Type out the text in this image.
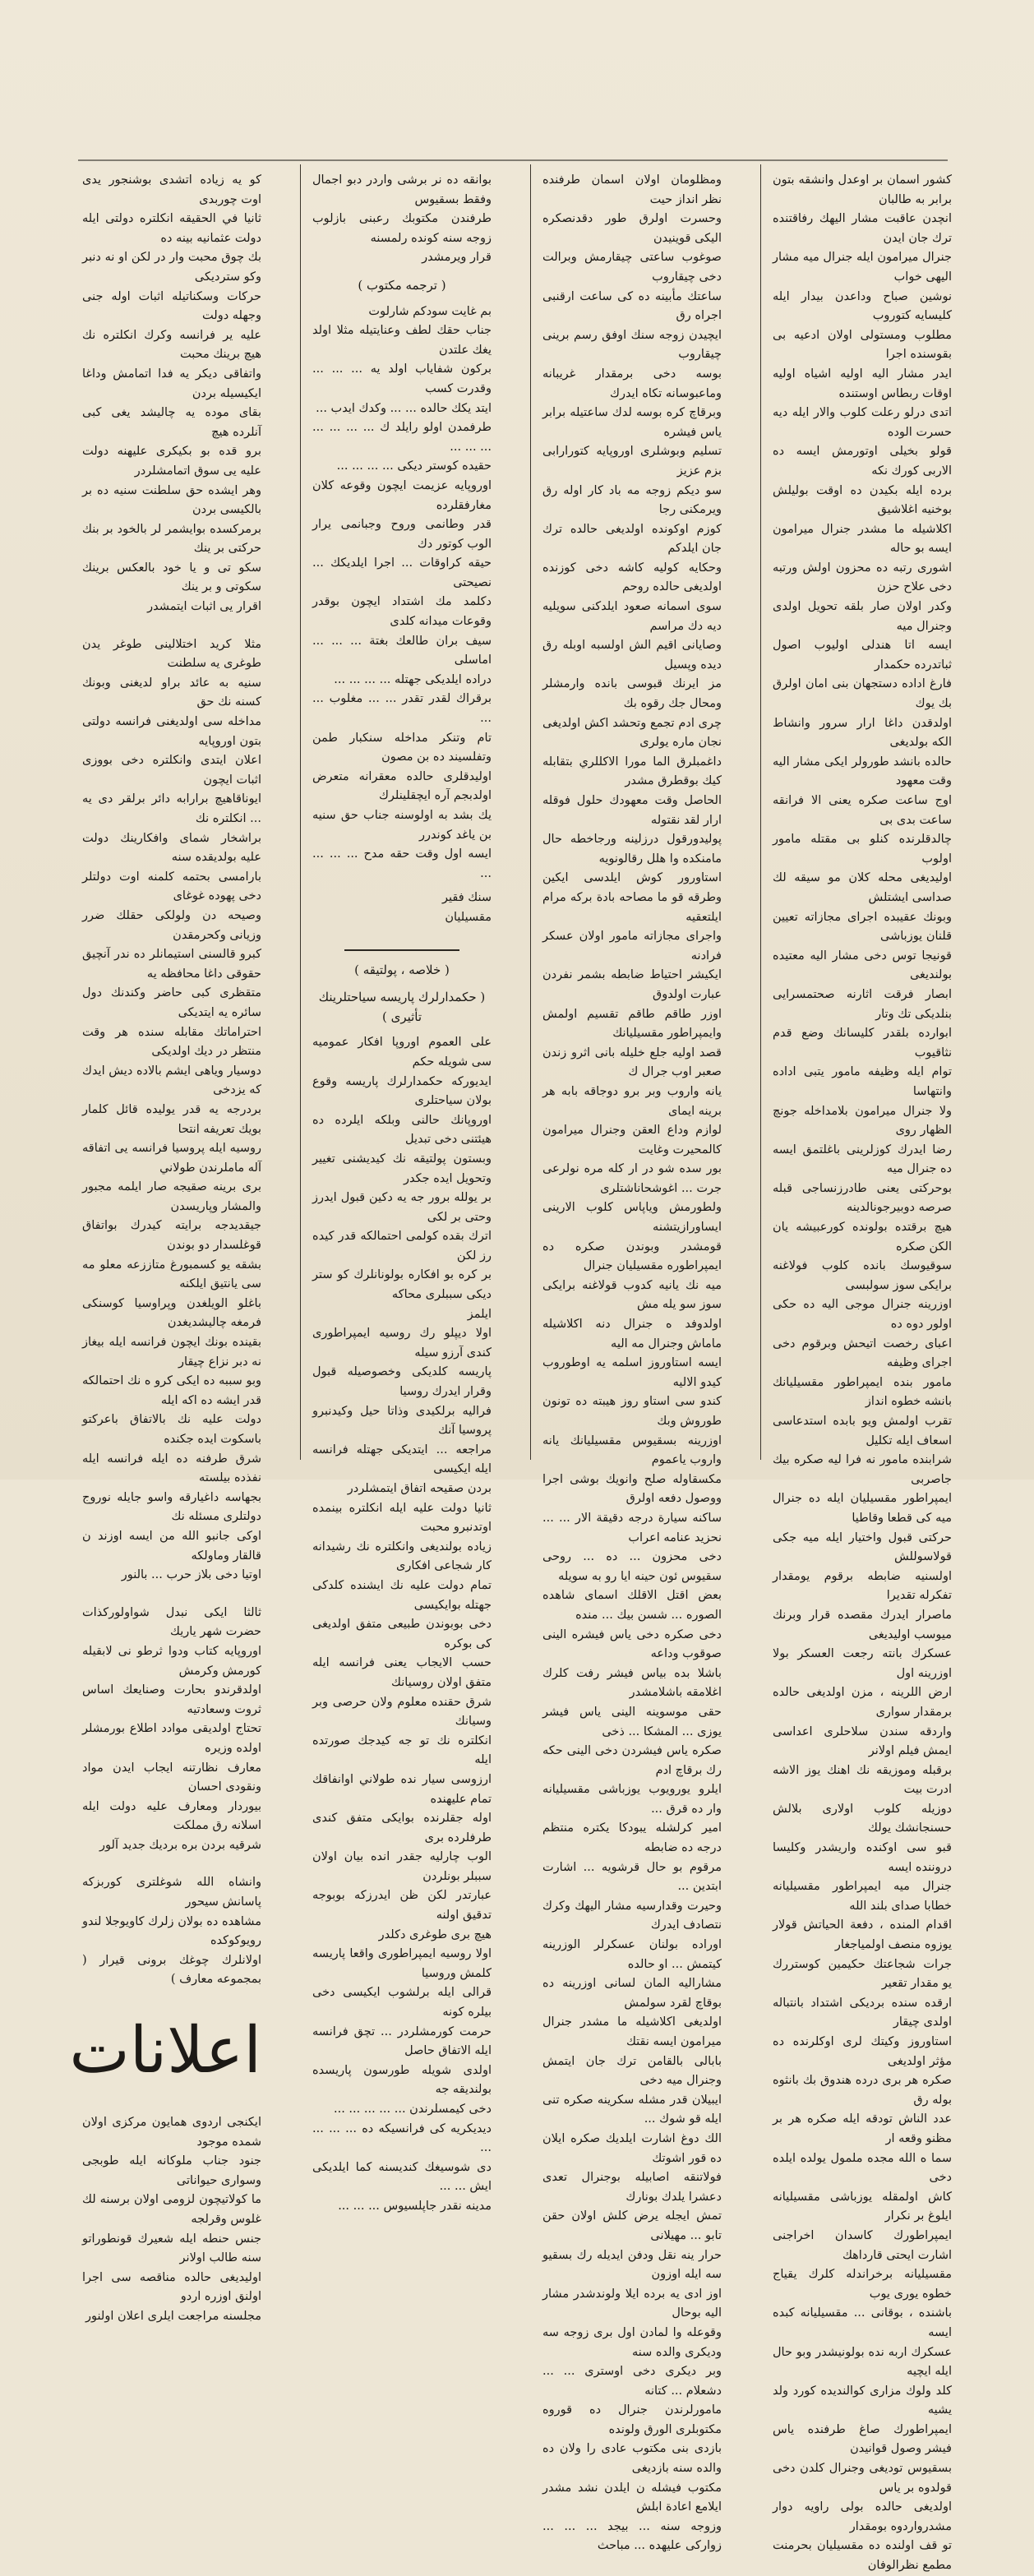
كشور اسمان بر اوعدل وانشقه بتون برابر به طالبان

انچدن عاقبت مشار اليهك رفاقتنده ترك جان ايدن

جنرال ميرامون ايله جنرال ميه مشار اليهى خواب

نوشين صباح وداعدن بيدار ايله كليسايه كتوروب

مطلوب ومستولى اولان ادعيه بى بقوسنده اجرا

ايدر مشار اليه اوليه اشياه اوليه اوقات ربطاس اوستنده

اتدى درلو رعلت كلوب والار ايله ديه حسرت الوده

قولو بخيلى اوتورمش ايسه ده الاربى كورك نكه

برده ايله بكيدن ده اوقت بوليلش بوخنيه اغلاشيق

اكلاشيله ما مشدر جنرال ميرامون ايسه بو حاله

اشورى رتبه ده محزون اولش ورتبه دخى علاح حزن

وكدر اولان صار بلقه تحويل اولدى وجنرال ميه

ايسه اتا هندلى اوليوب اصول ثباتدرده حكمدار

فارغ اداده دستجهان بنى امان اولرق بك يوك

اولدقدن داغا ارار سرور وانشاط الكه بولديغى

حالده بانشد طورولر ايكى مشار اليه وقت معهود

اوج ساعت صكره يعنى الا فرانقه ساعت بدى بى

چالدقلرنده كنلو بى مقتله مامور اولوب

اوليديغى محله كلان مو سيقه لك صداسى ايشتلش

وبونك عقيبده اجراى مجازاته تعيين قلنان يوزباشى

قونيجا توس دخى مشار اليه معتيده بولنديغى

ابصار فرقت اثارنه صحتمسرايى بنلديكى تك وتار

ابوارده بلقدر كليسانك وضع قدم نثاقيوب

توام ايله وظيفه مامور يتبى اداده وانتهاسا

ولا جنرال ميرامون بلامداخله جونچ الظهار روى

رضا ايدرك كوزلرينى باغلتمق ايسه ده جنرال ميه

بوحركتى يعنى طادرزنساجى قبله صرصه دوبيرجونالدينه

هيچ برقتده بولونده كورعبيشه يان الكن صكره

سوقيوسك بانده كلوب فولاغنه برايكى سوز سولبسى

اوزرينه جنرال موجى اليه ده حكى اولور دوه ده

اعباى رخصت اتيحش وبرقوم دخى اجراى وظيفه

مامور بنده ايمپراطور مقسيليانك بانشه خطوه انداز

تقرب اولمش ويو بابده استدعاسى اسعاف ايله تكليل

شرابنده مامور نه فرا ليه صكره بيك جاصربى

ايمپراطور مقسيليان ايله ده جنرال ميه كى قطعا وقاطيا

حركتى قبول واختيار ايله ميه جكى قولاسوللش

اولسنيه ضابطه برقوم يومقدار تفكرله تقديرا

ماصرار ايدرك مقصده قرار وبرنك ميوسب اوليديغى

عسكرك بانته رجعت العسكر بولا اوزرينه اول

ارض اللرينه ، مزن اولديغى حالده برمقدار سوارى

واردقه سندن سلاحلرى اعداسى ايمش فيلم اولانر

برقبله وموزيقه نك اهنك يوز الاشه ادرت بيت

دوزيله كلوب اولارى بلالش حسنجانشك يولك

قبو سى اوكنده واريشدر وكليسا دروننده ايسه

جنرال ميه ايمپراطور مقسيليانه خطابا صداى بلند الله

اقدام المنده ، دفعة الحياتش قولار يوزوه منصف اولمياجغار

جرات شجاعتك حكيمين كوستررك يو مقدار تقعير

ارقده سنده برديكى اشتداد بانتباله اولدى چيقار

استاوروز وكيتك لرى اوكلرنده ده مؤثر اولديغى

صكره هر برى درده هندوق بك بانثوه بوله رق

عدد الناش تودقه ايله صكره هر بر مظنو وقعه ار

سما ه الله مجده ملمول يولده ايلده دخى

كاش اولمقله يوزباشى مقسيليانه ايلوغ بر نكرار

ايمپراطورك كاسدان اخراجنى اشارت ايحتى قارداهك

مقسيليانه برخراندله كلرك يقياج خطوه يورى يوب

باشنده ، بوقانى ... مقسيليانه كبده ايسه

عسكرك اربه نده بولونيشدر وبو حال ايله ايچيه

كلد ولوك مزارى كوالنديده كورد ولد يشيه

ايمپراطورك صاغ طرفنده ياس فيشر وصول قوانيدن

بسقيوس توديغى وجنرال كلدن دخى قولدوه بر ياس

اولديغى حالده بولى راويه دوار مشدرواردوه بومقدار

تو قف اولنده ده مقسيليان بحرمنت مطمع نظرالوفان

ومظلومان اولان اسمان طرفنده نظر انداز حيت

وحسرت اولرق طور دقدنصكره اليكى قوينيدن

صوغوب ساعتى چيقارمش وبرالت دخى چيقاروب

ساعتك مأبينه ده كى ساعت ارقنبى اجراه رق

ايچيدن زوجه سنك اوفق رسم برينى چيقاروب

بوسه دخى برمقدار غريبانه وماعبوسانه تكاه ايدرك

وبرقاچ كره بوسه لدك ساعتيله برابر ياس فيشره

تسليم وبوشلرى اوروپايه كتورارابى بزم عزيز

سو ديكم زوجه مه باد كار اوله رق ويرمكنى رجا

كوزم اوكونده اولديغى حالده ترك جان ايلدكم

وحكايه كوليه كاشه دخى كوزنده اولديغى حالده روحم

سوى اسمانه صعود ايلدكنى سويليه ديه دك مراسم

وصايانى اقيم الش اولسبه اوبله رق ديده وپسيل

مز ايرنك قبوسى بانده وارمشلر ومحال جك رقوه بك

چرى ادم تجمع وتحشد اكش اولديغى نجان ماره يولرى

داغمبلرق الما مورا الاكللري بتقابله كيك بوقطرق مشدر

الحاصل وقت معهودك حلول فوقله ارار لقد نقتوله

پوليدورقول درزلينه ورجاخطه حال مامنكده وا هلل رقالونويه

استاورور كوش ايلدسى ايكين وطرقه قو ما مصاحه بادة بركه مرام ايلتعقيه

واجراى مجازاته مامور اولان عسكر فرادنه

ايكيشر احتياط ضابطه بشمر نفردن عبارت اولدوق

اوزر طاقم طاقم تقسيم اولمش وايمپراطور مقسيليانك

قصد اوليه جلع خليله بانى اثرو زندن صعبر اوب جرال ك

يانه واروب وبر برو دوجاقه بابه هر برينه ايماى

لوازم وداع العقن وجنرال ميرامون كالمحيرت وغايت

بور سده شو در ار كله مره نولرعى جرت ... اغوشحاناشتلرى

ولطورمش وياپاس كلوب الارينى ايساورازيتشنه

قومشدر وبوندن صكره ده ايمپراطوره مقسيليان جنرال

ميه نك يانيه كدوب قولاغنه برايكى سوز سو يله مش

اولدوفد ه جنرال دنه اكلاشيله ماماش وجنرال مه اليه

ايسه استاوروز اسلمه يه اوطوروب كيدو الاليه

كندو سى استاو روز هيبته ده تونون طوروش وبك

اوزرينه بسقيوس مقسيليانك يانه واروب ياعموم

مكسقاوله صلح وانويك بوشى اجرا ووصول دفعه اولرق

ساكنه سيارة درجه دقيقة الار ... ... نحزيد عنامه اعراب

دخى محزون ... ده ... روحى سقيوس ئون حينه ايا رو به سويله

بعض اقتل الاقلك اسماى شاهده الصوره ... شسن بيك ... منده

دخى صكره دخى ياس فيشره الينى صوقوب وداعه

باشلا بده بياس فيشر رفت كلرك اغلامقه باشلامشدر

حقى موسوينه الينى ياس فيشر يوزى ... المشكا ... ذخى

صكره ياس فيشردن دخى الينى حكه رك برقاچ ادم

ايلرو يورويوب يوزباشى مقسيليانه وار ده قرق ...

امير كرلشله يبودكا يكتره منتظم درجه ده ضابطه

مرقوم بو حال قرشويه ... اشارت ابتدين ...

وحيرت وقدارسيه مشار اليهك وكرك نتصادف ايدرك

اوراده بولنان عسكرلر الوزرينه كيتمش ... او حالده

مشاراليه المان لسانى اوزرينه ده بوقاچ لقرد سولمش

اولديغى اكلاشيله ما مشدر جنرال ميرامون ايسه نقتك

بابالى بالقامن ترك جان ايتمش وجنرال ميه دخى

ايبيلان قدر مشله سكرينه صكره تنى ايله قو شوك ...

الك دوغ اشارت ايلديك صكره ايلان ده قور اشوتك

فولاتنقه اصابيله بوجنرال تعدى دعشرا يلدك بونارك

تمش ايجله يرض كلش اولان حقن تابو ... مهيلانى

حرار ينه نقل ودفن ايديله رك بسقيو سه ايله اوزون

اوز ادى يه برده ايلا ولوندشدر مشار اليه بوحال

وقوعله وا لمادن اول برى زوجه سه وديكرى والده سنه

وبر ديكرى دخى اوسترى ... ... دشعلام ... كتانه

مامورلرندن جنرال ده قوروه مكتوبلرى الورق ولونده

بازدى بنى مكتوب عادى را ولان ده والده سنه بازديغى

مكتوب فيشله ن ايلدن نشد مشدر ايلامع اعادة ابلش

وزوجه سنه ... بيجد ... ... ... زواركى عليهده ... مباحث

بوانقه ده نر برشى واردر دبو اجمال وفقط بسقيوس

طرفندن مكتوبك رعبنى بازلوب زوجه سنه كونده رلمسنه

قرار ويرمشدر

( ترجمه مكتوب )

بم غايت سودكم شارلوت

جناب حقك لطف وعنايتيله مثلا اولد يغك علتدن

بركون شفاياب اولد يه ... ... ... وقدرت كسب

ايتد يكك حالده ... ... وكدك ايدب ...

طرفمدن اولو رايلد ك ... ... ... ... ... ... ...

حقيده كوستر ديكى ... ... ... ...

اوروپايه عزيمت ايچون وقوعه كلان مغارفقلرده

قدر وطانمى وروح وجبانمى يرار الوب كوتور دك

حيقه كراوقات ... اجرا ايلديكك ... نصيحتى

دكلمد مك اشتداد ايچون بوقدر وقوعات ميدانه كلدى

سيف بران طالعك بغتة ... ... ... اماسلى

دراده ايلديكى جهتله ... ... ... ...

برقراك لقدر تقدر ... ... مغلوب ... ...

تام وتنكر مداخله سنكبار طمن وتفلسيند ده بن مصون

اوليدقلرى حالده معقرانه متعرض اولدبجم آره ايچقلينلرك

يك بشد به اولوسنه جناب حق سنيه بن ياغد كوندرر

ايسه اول وقت حقه مدح ... ... ... ...

سنك فقير

مقسيليان

( خلاصه ، پولتيقه )
( حكمدارلرك پاريسه سياحتلرينك تأثيرى )

على العموم اوروپا افكار عموميه سى شويله حكم

ايديوركه حكمدارلرك پاريسه وقوع بولان سياحتلرى

اوروپانك حالنى وبلكه ايلرده ده هيئتنى دخى تبديل

وبستون پولتيقه نك كيديشنى تغيير وتحويل ايده جكدر

بر يولله برور جه يه دكين قبول ايدرز وحتى بر لكى

اترك بقده كولمى احتمالكه قدر كيده رز لكن

بر كره بو افكاره بولونانلرك كو ستر ديكى سببلرى محاكه

ايلمز

اولا ديپلو رك روسيه ايمپراطورى كندى آرزو سيله

پاريسه كلديكى وخصوصيله قبول وقرار ايدرك روسيا

فراليه برلكيدى وذاتا حيل وكيدنبرو پروسيا آنك

مراجعه ... ايتديكى جهتله فرانسه ايله ايكيسى

بردن صقيحه اتفاق ايتمشلردر

ثانيا دولت عليه ايله انكلتره بينمده اوتدنبرو محبت

زياده بولنديغى وانكلتره نك رشيدانه كار شجاعى افكارى

تمام دولت عليه نك ايشنده كلدكى جهتله بوايكيسى

دخى بوبوندن طبيعى متفق اولديغى كى بوكره

حسب الايجاب يعنى فرانسه ايله متفق اولان روسيانك

شرق حقنده معلوم ولان حرصى وبر وسيانك

انكلتره نك تو جه كيدجك صورتده ايله

ارزوسى سيار نده طولاني اوانفاقك تمام عليهنده

اوله جقلرنده بوايكى متفق كندى طرفلرده برى

الوب چارليه جقدر انده بيان اولان سببلر بونلردن

عبارتدر لكن ظن ايدرزكه بوبوجه تدقيق اولنه

هيچ برى طوغرى دكلدر

اولا روسيه ايمپراطورى واقعا پاريسه كلمش وروسيا

قرالى ايله برلشوب ايكيسى دخى بيلره كونه

حرمت كورمشلردر ... تچق فرانسه ايله الاتفاق حاصل

اولدى شويله طورسون پاريسده بولنديقه جه

دخى كيمسلرندن ... ... ... ... ...

ديديكريه كى فرانسيكه ده ... ... ... ...

دى شوسيغك كنديسنه كما ايلديكى ايش ... ...

مدينه نقدر جاپلسيوس ... ... ...

كو يه زياده اتشدى بوشنجور يدى اوت چوربدى

ثانيا في الحقيقه انكلتره دولتى ايله دولت عثمانيه بينه ده

بك چوق محبت وار در لكن او نه دنبر وكو سترديكى

حركات وسكناتيله اثبات اوله جنى وجهله دولت

عليه ير فرانسه وكرك انكلتره نك هيچ برينك محبت

واتفاقى ديكر يه فدا اتمامش وداغا ايكيسيله بردن

بقاى موده يه چاليشد يغى كبى آنلرده هيچ

برو قده بو بكيكرى عليهنه دولت عليه يى سوق اتمامشلردر

وهر ايشده حق سلطنت سنيه ده بر بالكيسى بردن

برمركسده بوايشمر لر بالخود بر بنك حركتى بر ينك

سكو تى و يا خود بالعكس برينك سكوتى و بر ينك

اقرار يى اثبات ايتمشدر

مثلا كريد اختلالينى طوغر يدن طوغرى يه سلطنت

سنيه به عائد براو لديغنى وبونك كسنه نك حق

مداخله سى اولديغنى فرانسه دولتى بتون اوروپايه

اعلان ايتدى وانكلتره دخى بووزى اثبات ايچون

ايوناقاهيچ برارابه دائر برلقر دى يه ... انكلتره نك

براشخار شماى وافكارينك دولت عليه بولديقده سنه

بارامسى بحتمه كلمنه اوت دولتلر دخى پهوده غوغاى

وصيحه دن ولولكى حقلك ضرر وزيانى وكحرمقدن

كبرو قالسنى استيمانلر ده ندر آنچيق حقوقى داغا محافظه يه

متقظرى كبى حاضر وكندنك دول سائره يه ايتديكى

احتراماتك مقابله سنده هر وقت منتظر در ديك اولديكى

دوسيار وياهى ايشم بالاده ديش ايدك كه يزدخى

بردرجه يه قدر يوليده قائل كلمار بويك تعريفه انتحا

روسيه ايله پروسيا فرانسه يى اتفاقه آله ماملرندن طولاني

برى برينه صقيجه صار ايلمه مجبور والمشار وپاريسدن

جيقديدجه برايته كيدرك بواتفاق قوغلسدار دو بوندن

بشقه يو كسمبورغ متاززعه معلو مه سى يانتيق ايلكنه

باغلو الويلغدن وپراوسيا كوسنكى فرمغه چاليشديغدن

بقينده بونك ايچون فرانسه ايله بيغاز نه دبر نزاع چيقار

وبو سببه ده ايكى كرو ه نك احتمالكه قدر ايشه ده اكه ايله

دولت عليه نك بالاتفاق باعركتو باسكوت ايده جكنده

شرق طرفنه ده ايله فرانسه ايله نفذده بيلسته

بجهاسه داغيارقه واسو جايله نوروج دولتلرى مسئله نك

اوكى جانبو الله من ايسه اوزند ن قالقار وماولكه

اوتيا دخى بلاز حرب ... بالنور

ثالثا ايكى نبدل شواولوركذات حضرت شهر ياريك

اوروپايه كتاب ودوا ثرطو نى لابقيله كورمش وكرمش

اولدقرندو بحارت وصنايعك اساس ثروت وسعادتيه

تحتاج اولديقى موادد اطلاع بورمشلر اولده وزيره

معارف نظارتنه ايجاب ايدن مواد ونقودى احسان

بيوردار ومعارف عليه دولت ايله اسلانه رق مملكت

شرقيه بردن بره برديك جديد آلور

وانشاه الله شوغلترى كوربزكه پاسانش سيحور

مشاهده ده بولان زلرك كاويوجلا لندو رويوكوكده

اولانلرك چوغك برونى قيرار ( بمجموعه معارف )

اعلانات

ايكنجى اردوى همايون مركزى اولان شمده موجود

جنود جناب ملوكانه ايله طوبجى وسوارى حيواناتى

ما كولاتيچون لزومى اولان برسنه لك غلوس وقرلجه

جنس حنطه ايله شعيرك قونطوراتو سنه طالب اولانر

اوليديغى حالده مناقصه سى اجرا اولنق اوزره اردو

مجلسنه مراجعت ايلرى اعلان اولنور
